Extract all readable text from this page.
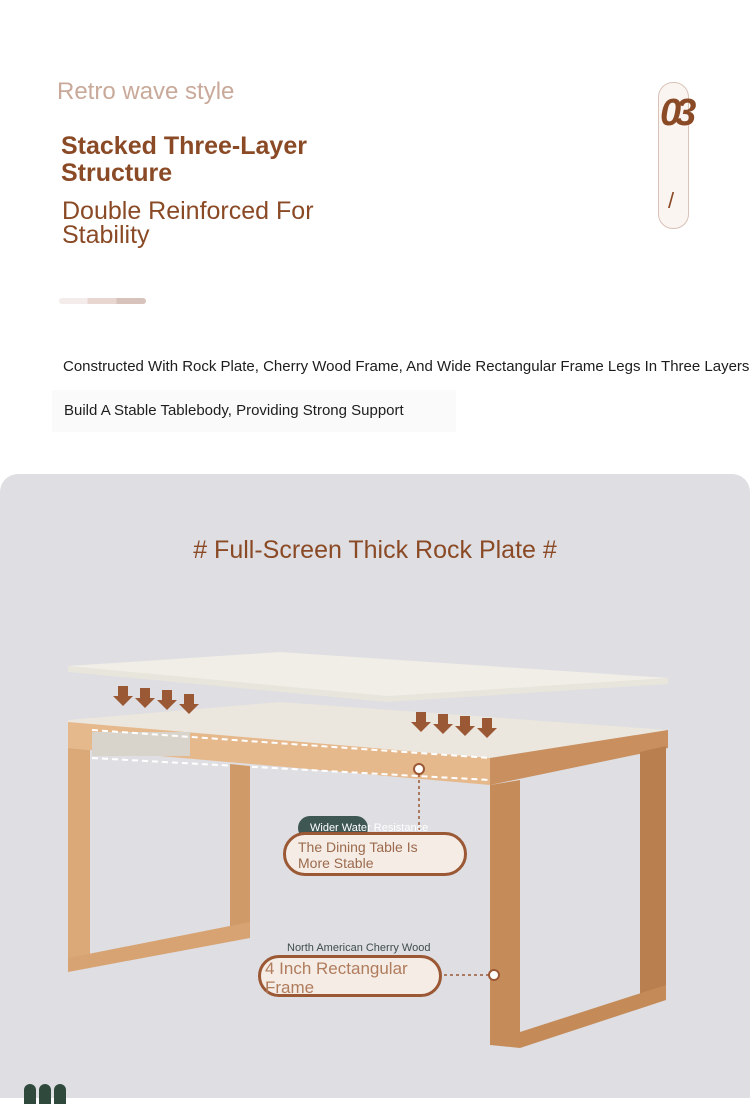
Retro wave style
Stacked Three-Layer Structure
Double Reinforced For Stability
03
/
Constructed With Rock Plate, Cherry Wood Frame, And Wide Rectangular Frame Legs In Three Layers
Build A Stable Tablebody, Providing Strong Support
# Full-Screen Thick Rock Plate #
Wider Water Resistance
The Dining Table Is More Stable
North American Cherry Wood
4 Inch Rectangular Frame
